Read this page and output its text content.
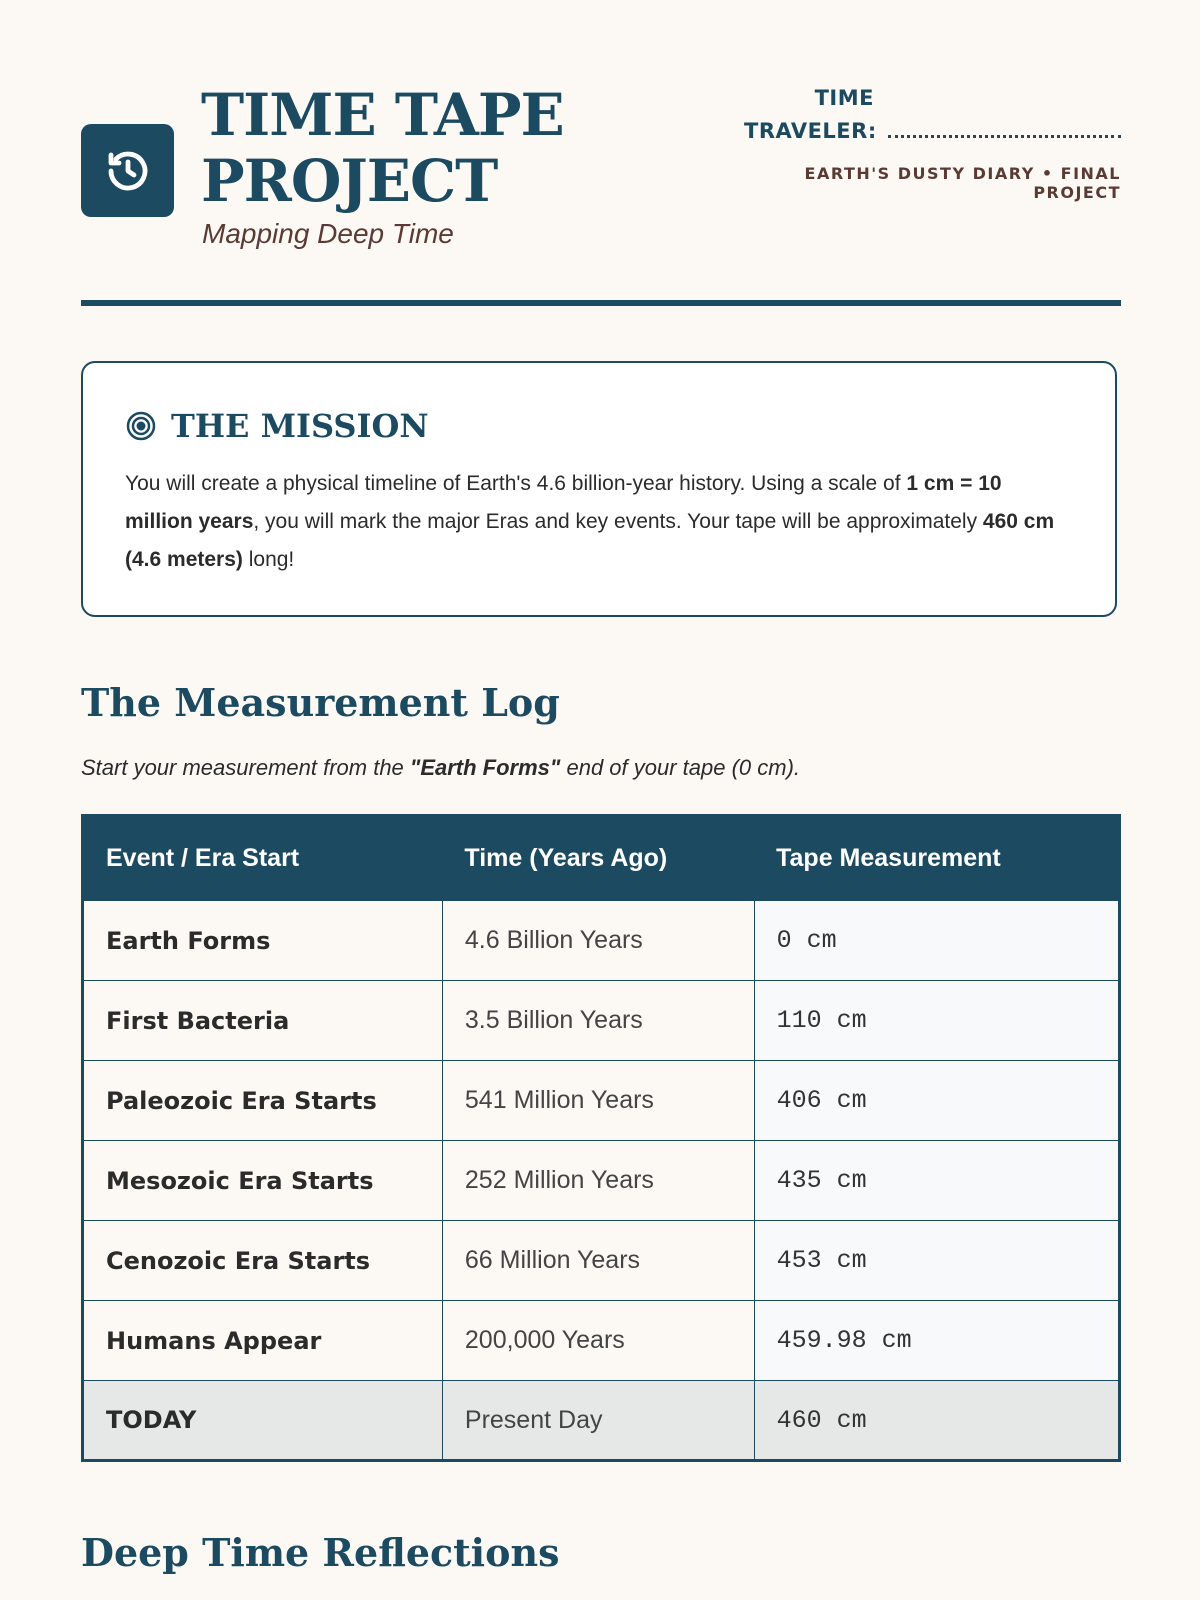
TIME TAPE
PROJECT
Mapping Deep Time
TIME
TRAVELER:
EARTH'S DUSTY DIARY • FINAL PROJECT
THE MISSION
You will create a physical timeline of Earth's 4.6 billion-year history. Using a scale of 1 cm = 10 million years, you will mark the major Eras and key events. Your tape will be approximately 460 cm (4.6 meters) long!
The Measurement Log
Start your measurement from the "Earth Forms" end of your tape (0 cm).
Event / Era Start	Time (Years Ago)	Tape Measurement
Earth Forms	4.6 Billion Years	0 cm
First Bacteria	3.5 Billion Years	110 cm
Paleozoic Era Starts	541 Million Years	406 cm
Mesozoic Era Starts	252 Million Years	435 cm
Cenozoic Era Starts	66 Million Years	453 cm
Humans Appear	200,000 Years	459.98 cm
TODAY	Present Day	460 cm
Deep Time Reflections
